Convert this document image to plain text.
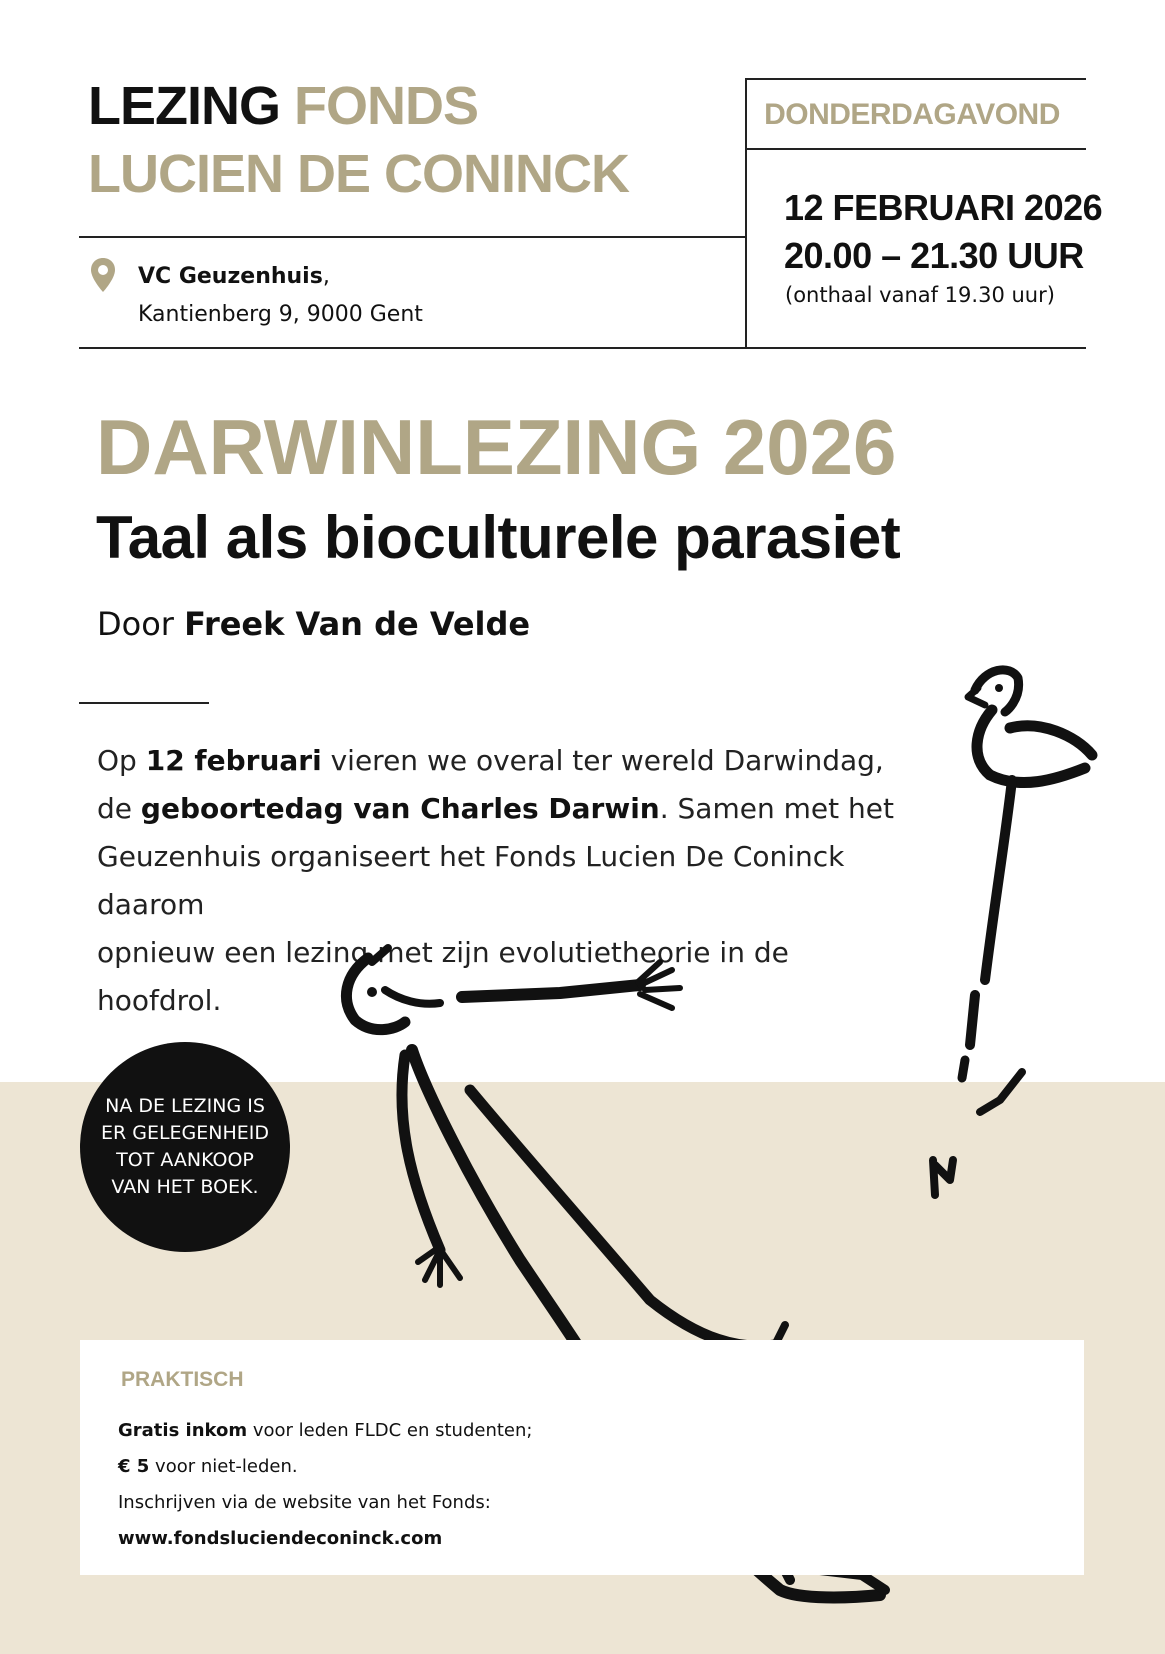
LEZING FONDS
LUCIEN DE CONINCK
VC Geuzenhuis,
Kantienberg 9, 9000 Gent
DONDERDAGAVOND
12 FEBRUARI 2026
20.00 – 21.30 UUR
(onthaal vanaf 19.30 uur)
DARWINLEZING 2026
Taal als bioculturele parasiet
Door Freek Van de Velde

Op 12 februari vieren we overal ter wereld Darwindag,
de geboortedag van Charles Darwin. Samen met het
Geuzenhuis organiseert het Fonds Lucien De Coninck daarom
opnieuw een lezing met zijn evolutietheorie in de hoofdrol.

NA DE LEZING IS
ER GELEGENHEID
TOT AANKOOP
VAN HET BOEK.
PRAKTISCH
Gratis inkom voor leden FLDC en studenten;
€ 5 voor niet-leden.
Inschrijven via de website van het Fonds:
www.fondsluciendeconinck.com
